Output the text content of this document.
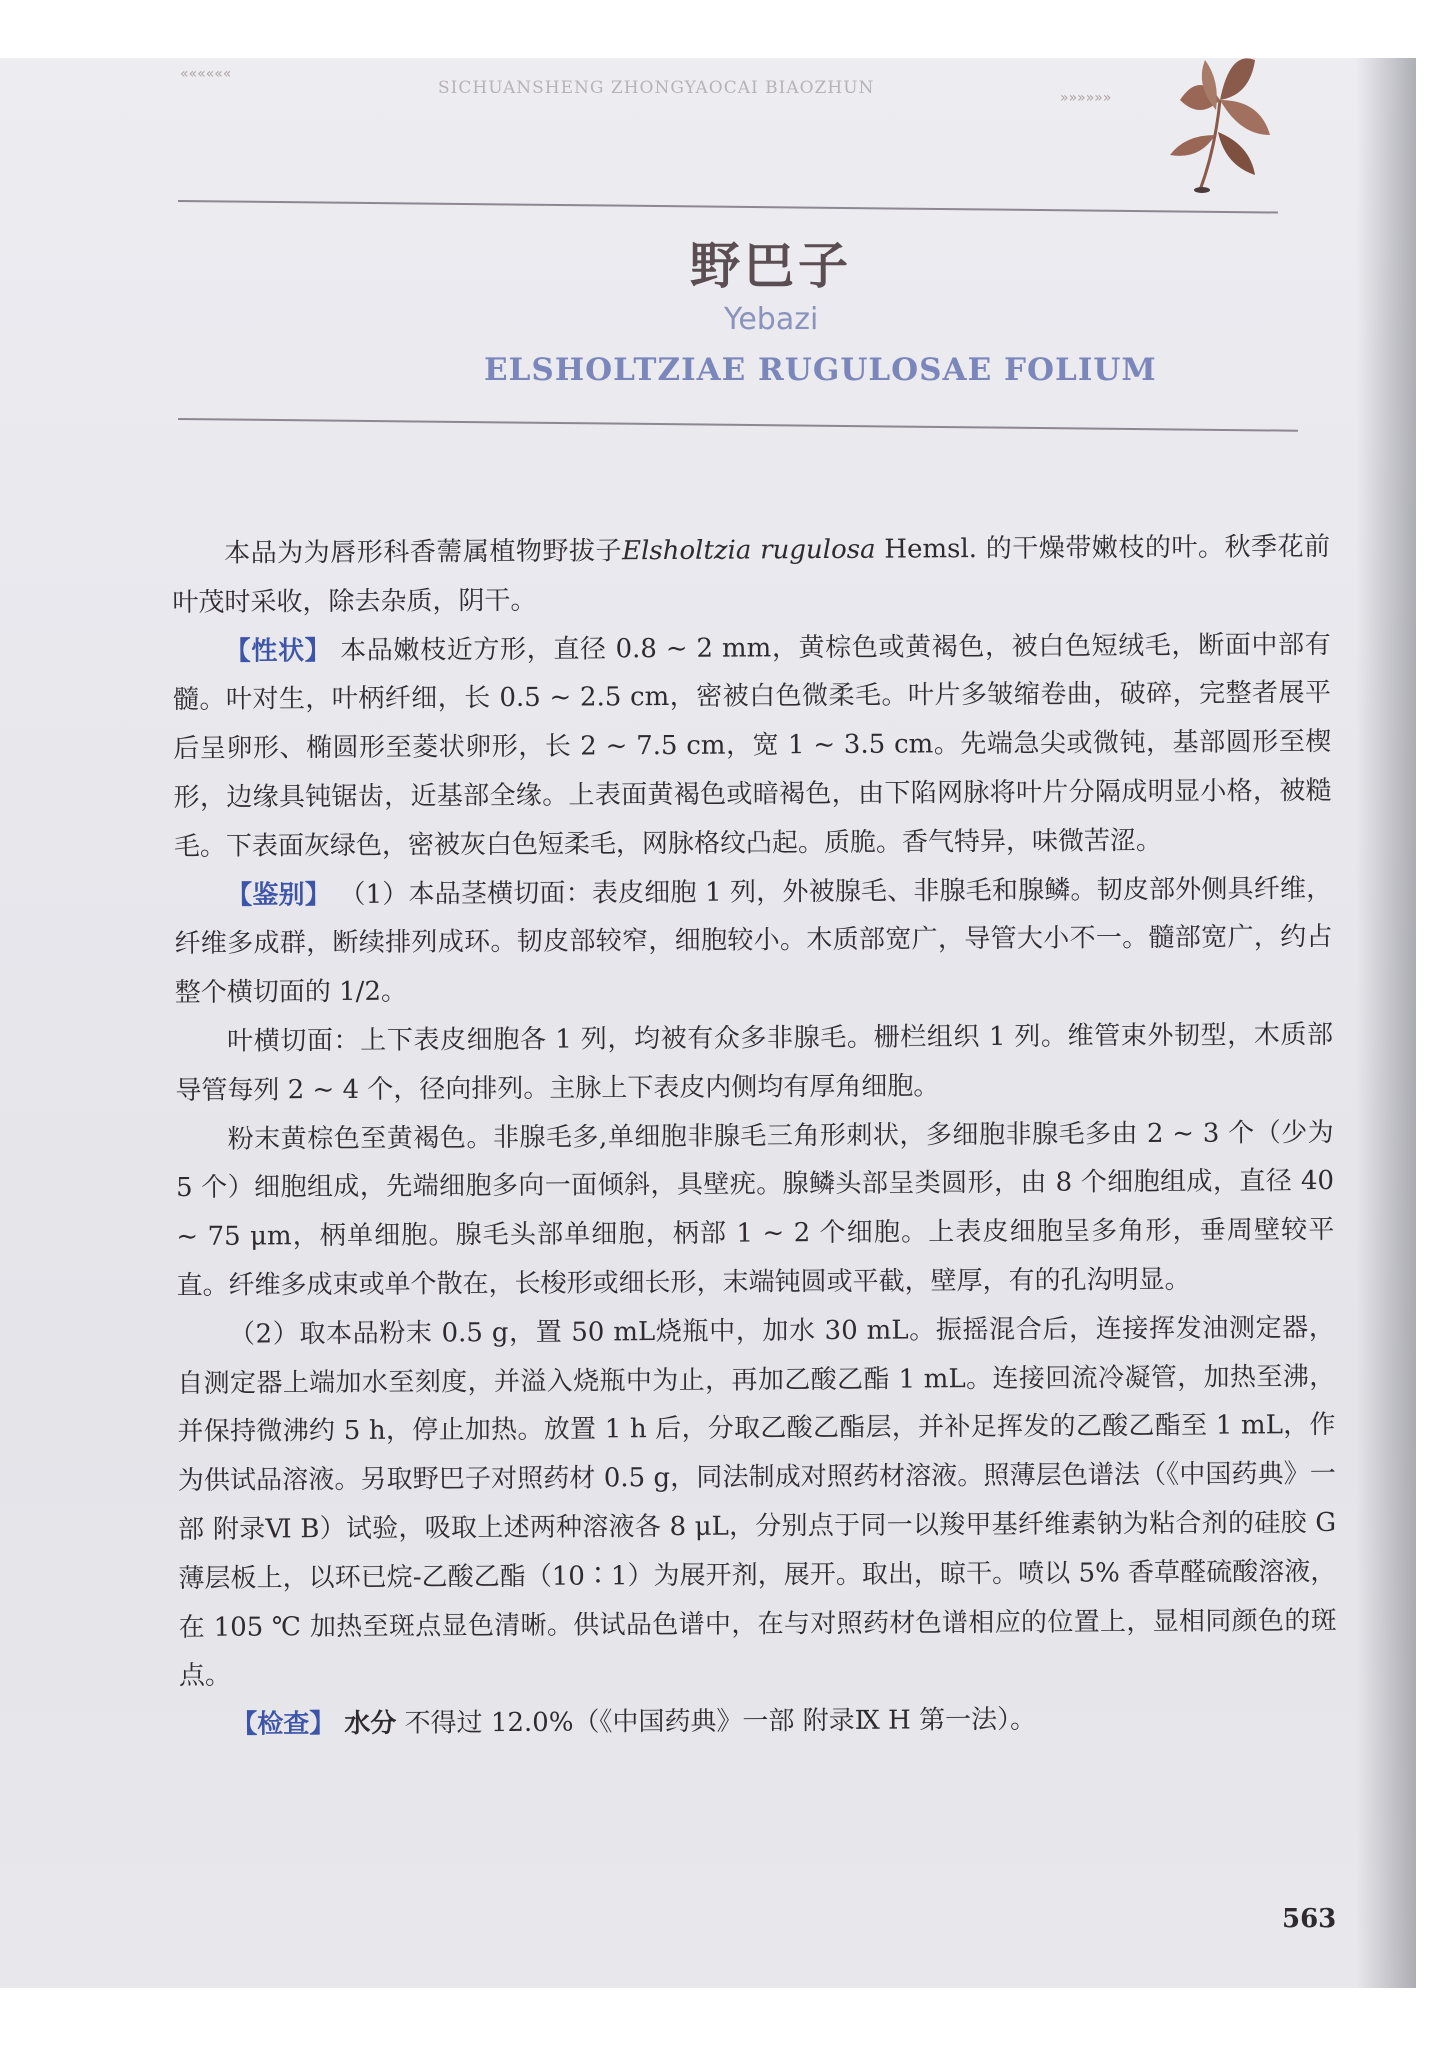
««««««
SICHUANSHENG ZHONGYAOCAI BIAOZHUN	»»»»»»
野巴子
Yebazi
ELSHOLTZIAE RUGULOSAE FOLIUM

本品为为唇形科香薷属植物野拔子Elsholtzia rugulosa Hemsl. 的干燥带嫩枝的叶。秋季花前叶茂时采收，除去杂质，阴干。

【性状】 本品嫩枝近方形，直径 0.8 ~ 2 mm，黄棕色或黄褐色，被白色短绒毛，断面中部有髓。叶对生，叶柄纤细，长 0.5 ~ 2.5 cm，密被白色微柔毛。叶片多皱缩卷曲，破碎，完整者展平后呈卵形、椭圆形至菱状卵形，长 2 ~ 7.5 cm，宽 1 ~ 3.5 cm。先端急尖或微钝，基部圆形至楔形，边缘具钝锯齿，近基部全缘。上表面黄褐色或暗褐色，由下陷网脉将叶片分隔成明显小格，被糙毛。下表面灰绿色，密被灰白色短柔毛，网脉格纹凸起。质脆。香气特异，味微苦涩。

【鉴别】 （1）本品茎横切面：表皮细胞 1 列，外被腺毛、非腺毛和腺鳞。韧皮部外侧具纤维，纤维多成群，断续排列成环。韧皮部较窄，细胞较小。木质部宽广，导管大小不一。髓部宽广，约占整个横切面的 1/2。

叶横切面：上下表皮细胞各 1 列，均被有众多非腺毛。栅栏组织 1 列。维管束外韧型，木质部导管每列 2 ~ 4 个，径向排列。主脉上下表皮内侧均有厚角细胞。

粉末黄棕色至黄褐色。非腺毛多,单细胞非腺毛三角形刺状，多细胞非腺毛多由 2 ~ 3 个（少为 5 个）细胞组成，先端细胞多向一面倾斜，具壁疣。腺鳞头部呈类圆形，由 8 个细胞组成，直径 40 ~ 75 μm，柄单细胞。腺毛头部单细胞，柄部 1 ~ 2 个细胞。上表皮细胞呈多角形，垂周壁较平直。纤维多成束或单个散在，长梭形或细长形，末端钝圆或平截，壁厚，有的孔沟明显。

（2）取本品粉末 0.5 g，置 50 mL烧瓶中，加水 30 mL。振摇混合后，连接挥发油测定器，自测定器上端加水至刻度，并溢入烧瓶中为止，再加乙酸乙酯 1 mL。连接回流冷凝管，加热至沸，并保持微沸约 5 h，停止加热。放置 1 h 后，分取乙酸乙酯层，并补足挥发的乙酸乙酯至 1 mL，作为供试品溶液。另取野巴子对照药材 0.5 g，同法制成对照药材溶液。照薄层色谱法（《中国药典》一部 附录Ⅵ B）试验，吸取上述两种溶液各 8 μL，分别点于同一以羧甲基纤维素钠为粘合剂的硅胶 G 薄层板上，以环已烷-乙酸乙酯（10∶1）为展开剂，展开。取出，晾干。喷以 5% 香草醛硫酸溶液，在 105 ℃ 加热至斑点显色清晰。供试品色谱中，在与对照药材色谱相应的位置上，显相同颜色的斑点。

【检查】 水分 不得过 12.0%（《中国药典》一部 附录Ⅸ H 第一法）。

563
